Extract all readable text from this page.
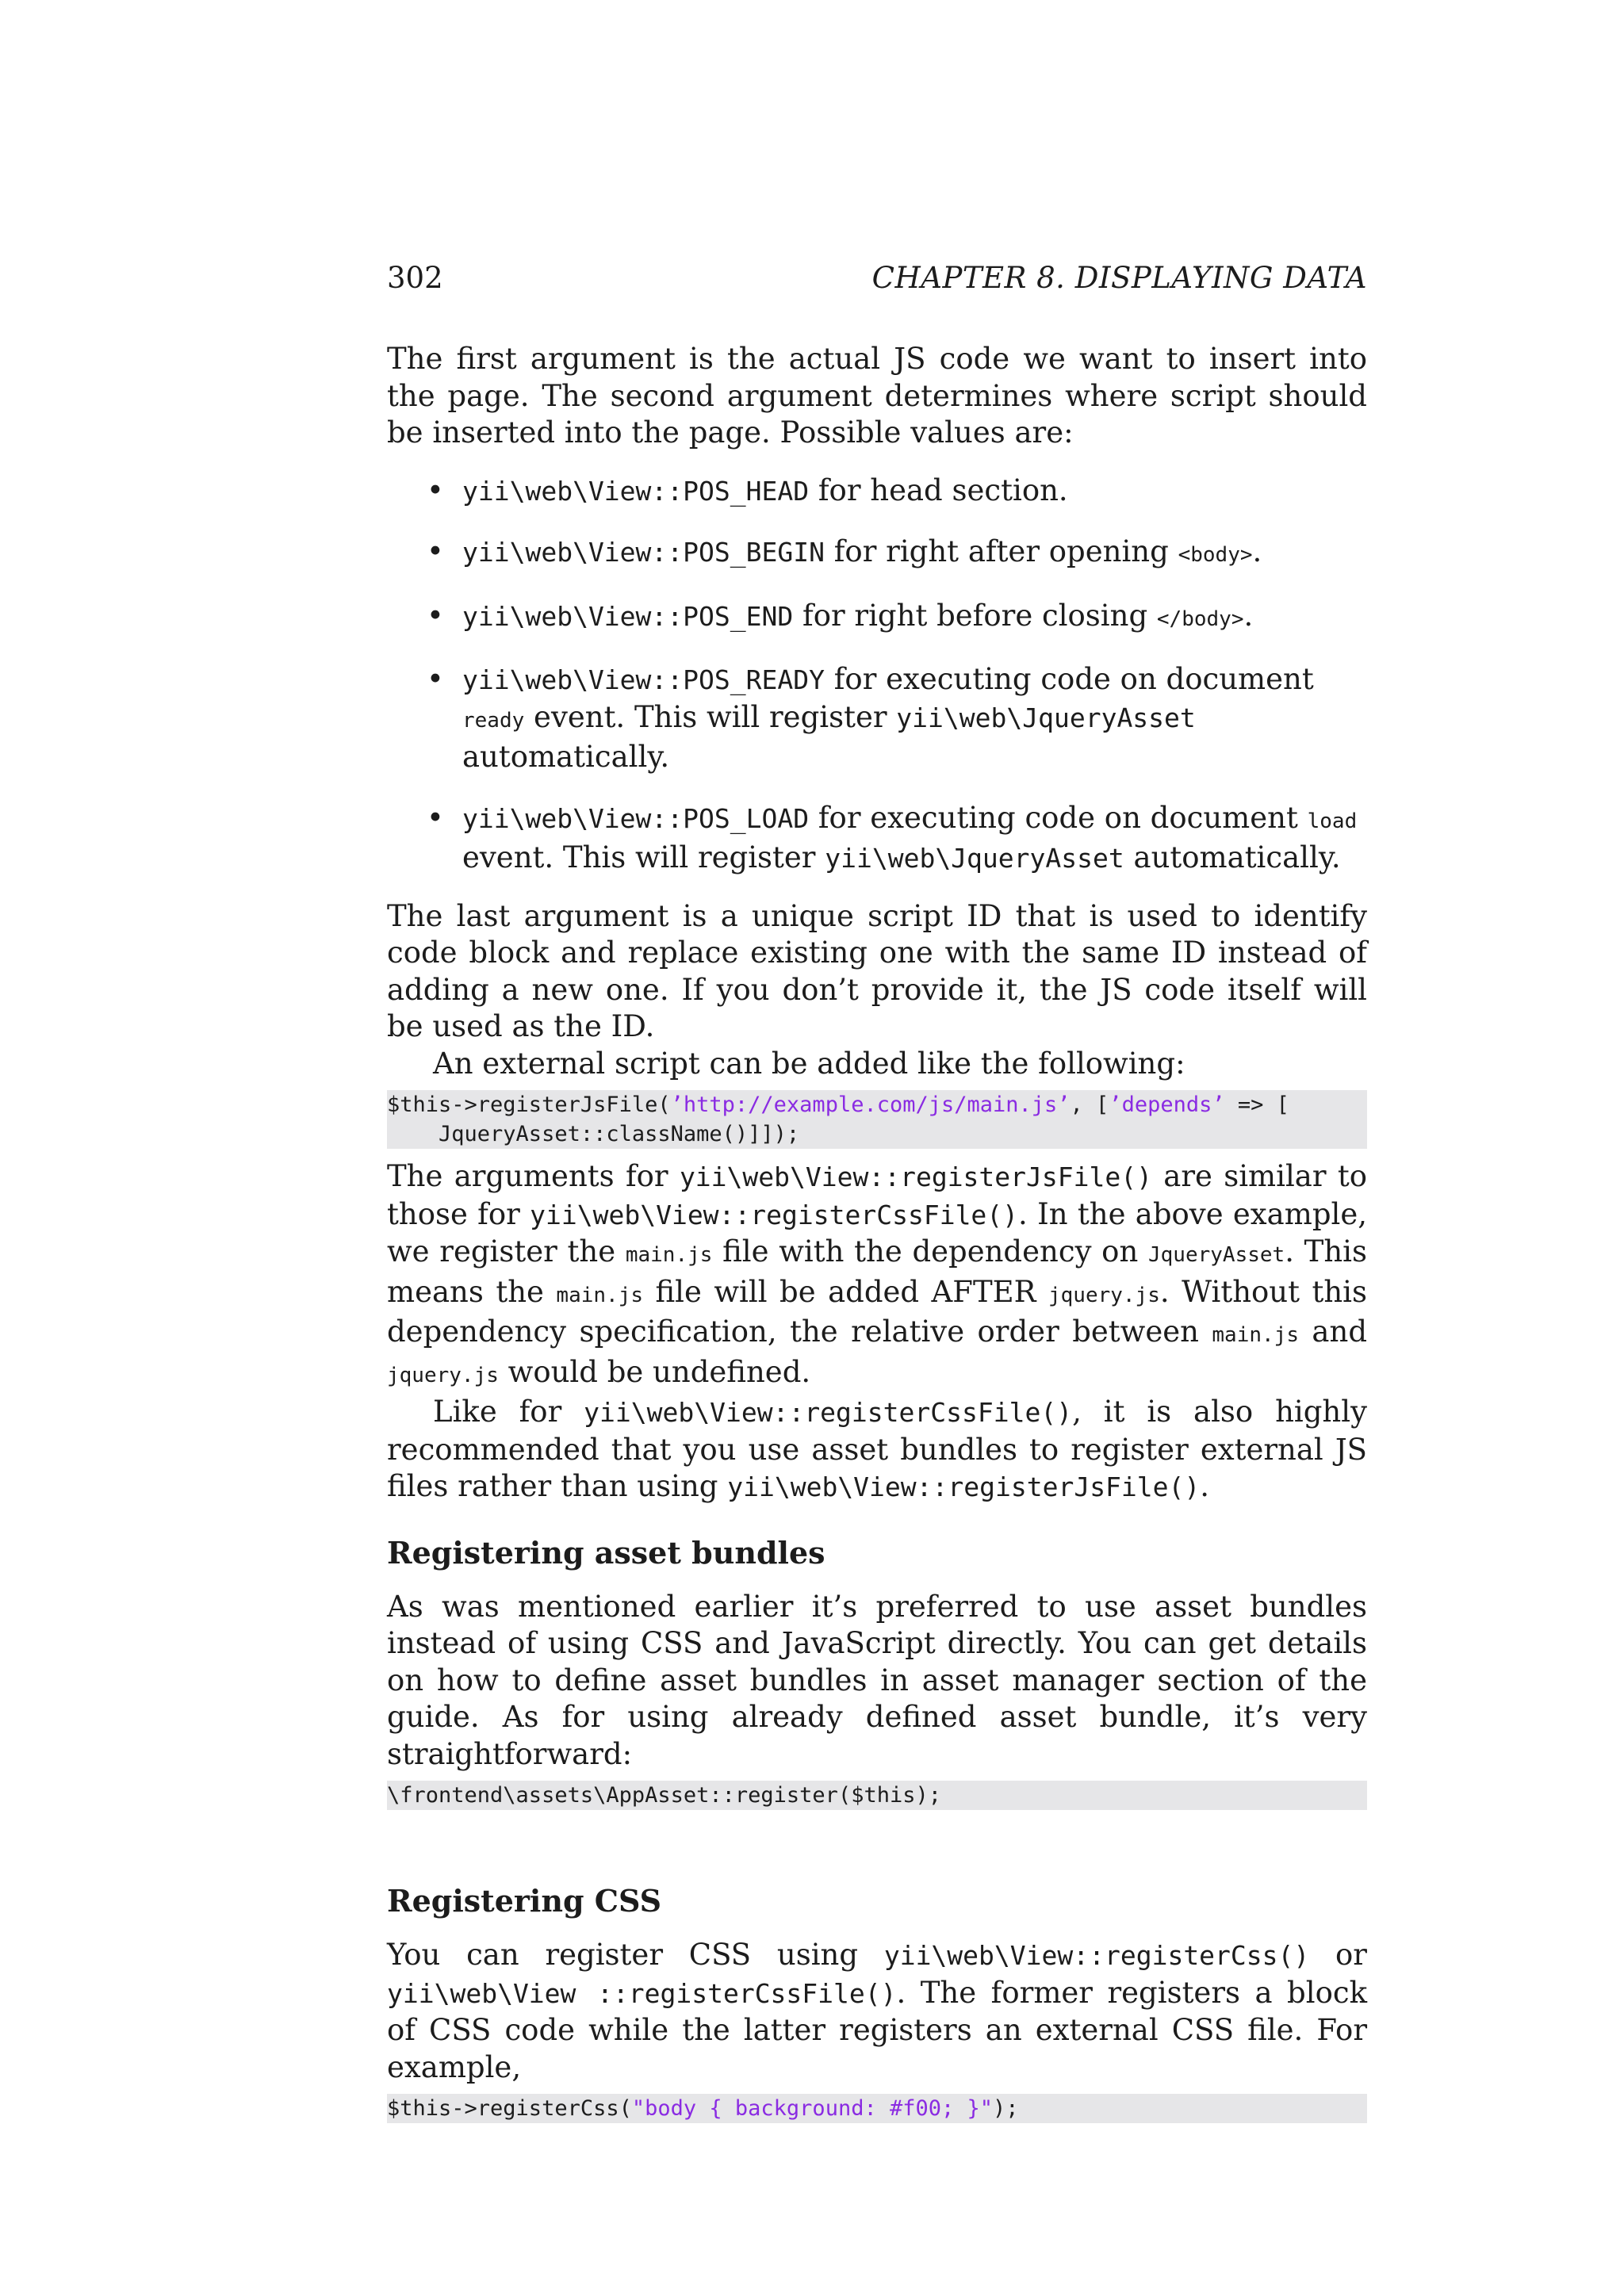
302	CHAPTER 8. DISPLAYING DATA

The first argument is the actual JS code we want to insert into the page. The second argument determines where script should be inserted into the page. Possible values are:

• yii\web\View::POS_HEAD for head section.
• yii\web\View::POS_BEGIN for right after opening <body>.
• yii\web\View::POS_END for right before closing </body>.
• yii\web\View::POS_READY for executing code on document ready event. This will register yii\web\JqueryAsset automatically.
• yii\web\View::POS_LOAD for executing code on document load event. This will register yii\web\JqueryAsset automatically.

The last argument is a unique script ID that is used to identify code block and replace existing one with the same ID instead of adding a new one. If you don’t provide it, the JS code itself will be used as the ID.

An external script can be added like the following:

$this->registerJsFile(’http://example.com/js/main.js’, [’depends’ => [
JqueryAsset::className()]]);

The arguments for yii\web\View::registerJsFile() are similar to those for yii\web\View::registerCssFile(). In the above example, we register the main.js file with the dependency on JqueryAsset. This means the main.js file will be added AFTER jquery.js. Without this dependency specification, the relative order between main.js and jquery.js would be undefined.

Like for yii\web\View::registerCssFile(), it is also highly recommended that you use asset bundles to register external JS files rather than using yii\web\View::registerJsFile().

Registering asset bundles

As was mentioned earlier it’s preferred to use asset bundles instead of using CSS and JavaScript directly. You can get details on how to define asset bundles in asset manager section of the guide. As for using already defined asset bundle, it’s very straightforward:

\frontend\assets\AppAsset::register($this);
Registering CSS

You can register CSS using yii\web\View::registerCss() or yii\web\View ::registerCssFile(). The former registers a block of CSS code while the latter registers an external CSS file. For example,

$this->registerCss("body { background: #f00; }");
